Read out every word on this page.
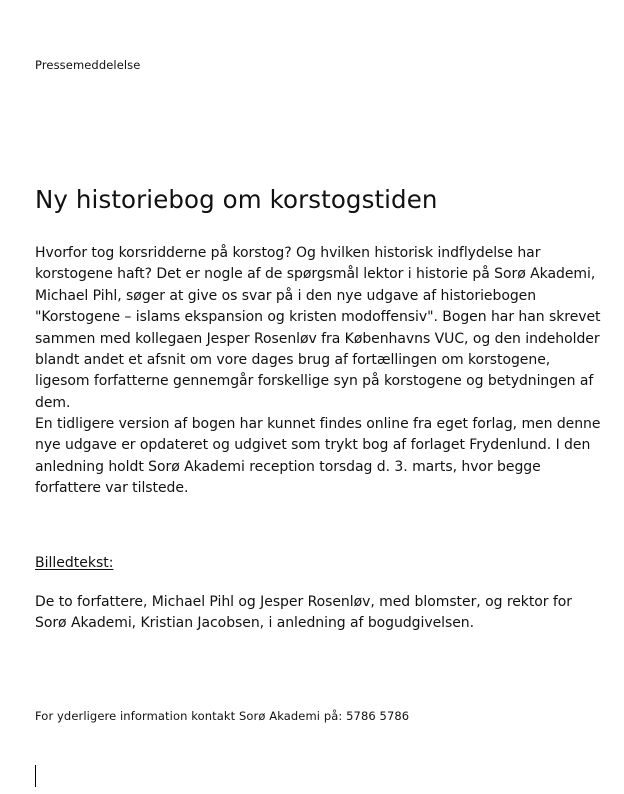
Pressemeddelelse
Ny historiebog om korstogstiden

Hvorfor tog korsridderne på korstog? Og hvilken historisk indflydelse har
korstogene haft? Det er nogle af de spørgsmål lektor i historie på Sorø Akademi,
Michael Pihl, søger at give os svar på i den nye udgave af historiebogen
"Korstogene – islams ekspansion og kristen modoffensiv". Bogen har han skrevet
sammen med kollegaen Jesper Rosenløv fra Københavns VUC, og den indeholder
blandt andet et afsnit om vore dages brug af fortællingen om korstogene,
ligesom forfatterne gennemgår forskellige syn på korstogene og betydningen af
dem.

En tidligere version af bogen har kunnet findes online fra eget forlag, men denne
nye udgave er opdateret og udgivet som trykt bog af forlaget Frydenlund. I den
anledning holdt Sorø Akademi reception torsdag d. 3. marts, hvor begge
forfattere var tilstede.

Billedtekst:

De to forfattere, Michael Pihl og Jesper Rosenløv, med blomster, og rektor for
Sorø Akademi, Kristian Jacobsen, i anledning af bogudgivelsen.

For yderligere information kontakt Sorø Akademi på: 5786 5786
